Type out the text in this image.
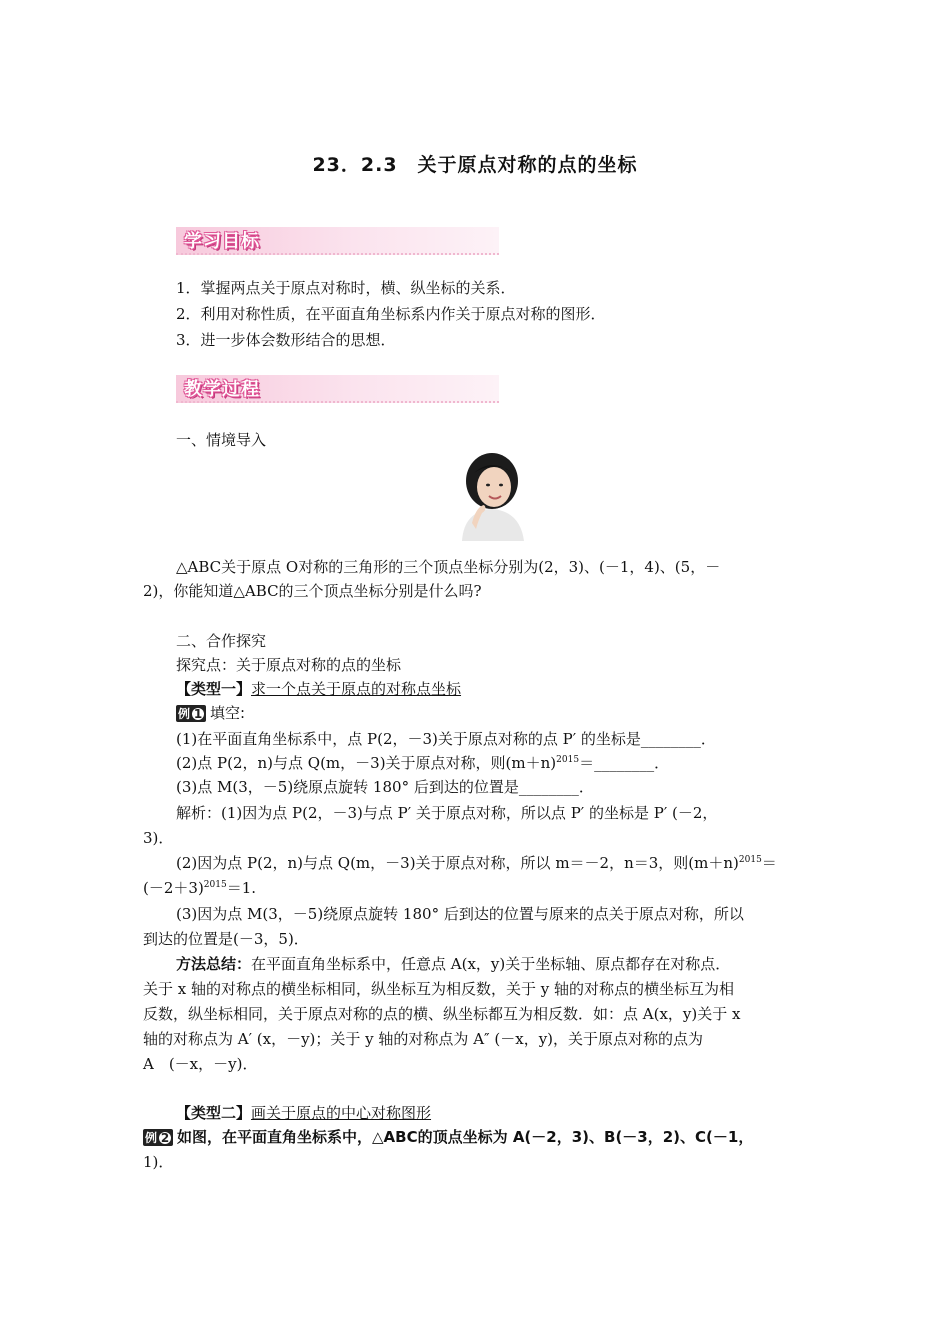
23．2.3　关于原点对称的点的坐标
学习目标
1．掌握两点关于原点对称时，横、纵坐标的关系．
2．利用对称性质，在平面直角坐标系内作关于原点对称的图形．
3．进一步体会数形结合的思想．
教学过程
一、情境导入
△ABC关于原点 O对称的三角形的三个顶点坐标分别为(2，3)、(－1，4)、(5，－
2)，你能知道△ABC的三个顶点坐标分别是什么吗?
二、合作探究
探究点：关于原点对称的点的坐标
【类型一】求一个点关于原点的对称点坐标
例 1 填空:
(1)在平面直角坐标系中，点 P(2，－3)关于原点对称的点 P′ 的坐标是________．
(2)点 P(2，n)与点 Q(m，－3)关于原点对称，则$(m+n)^{2015}=\_\_\_\_\_\_\_\_$．
(3)点 M(3，－5)绕原点旋转 180° 后到达的位置是________．
解析：(1)因为点 P(2，－3)与点 P′ 关于原点对称，所以点 P′ 的坐标是 P′ (－2，
3)．
(2)因为点 P(2，n)与点 Q(m，－3)关于原点对称，所以 m＝－2，n＝3，则$(m+n)^{2015}=$
$(-2+3)^{2015}=1$.
(3)因为点 M(3，－5)绕原点旋转 180° 后到达的位置与原来的点关于原点对称，所以
到达的位置是(－3，5)．
方法总结：在平面直角坐标系中，任意点 A(x，y)关于坐标轴、原点都存在对称点．
关于 x 轴的对称点的横坐标相同，纵坐标互为相反数，关于 y 轴的对称点的横坐标互为相
反数，纵坐标相同，关于原点对称的点的横、纵坐标都互为相反数．如：点 A(x，y)关于 x
轴的对称点为 A′ (x，－y)；关于 y 轴的对称点为 A″ (－x，y)，关于原点对称的点为
A　(－x，－y)．
【类型二】画关于原点的中心对称图形
例 2 如图，在平面直角坐标系中，△ABC的顶点坐标为 A(－2，3)、B(－3，2)、C(－1，
1)．
